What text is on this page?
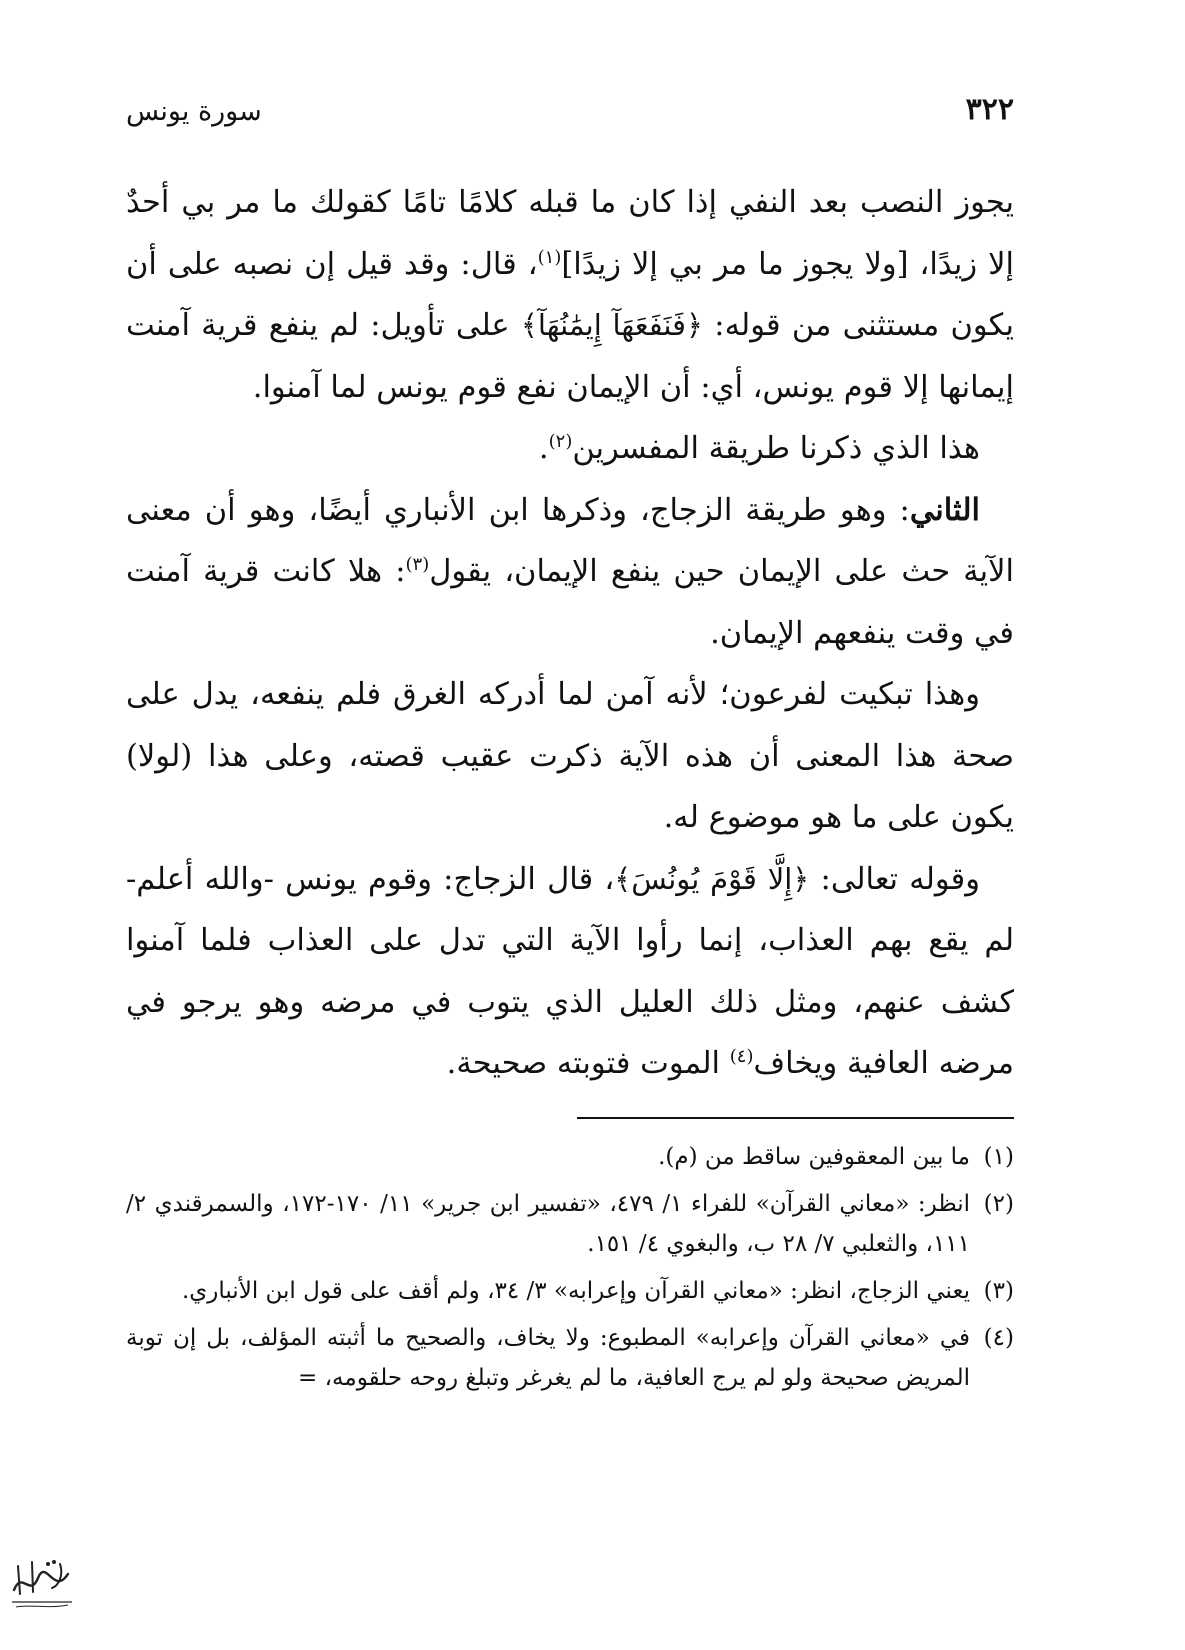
٣٢٢
سورة يونس

يجوز النصب بعد النفي إذا كان ما قبله كلامًا تامًا كقولك ما مر بي أحدٌ إلا زيدًا، [ولا يجوز ما مر بي إلا زيدًا]$^{(١)}$، قال: وقد قيل إن نصبه على أن يكون مستثنى من قوله: ﴿فَنَفَعَهَآ إِيمَٰنُهَآ﴾ على تأويل: لم ينفع قرية آمنت إيمانها إلا قوم يونس، أي: أن الإيمان نفع قوم يونس لما آمنوا.

هذا الذي ذكرنا طريقة المفسرين$^{(٢)}$.

الثاني: وهو طريقة الزجاج، وذكرها ابن الأنباري أيضًا، وهو أن معنى الآية حث على الإيمان حين ينفع الإيمان، يقول$^{(٣)}$: هلا كانت قرية آمنت في وقت ينفعهم الإيمان.

وهذا تبكيت لفرعون؛ لأنه آمن لما أدركه الغرق فلم ينفعه، يدل على صحة هذا المعنى أن هذه الآية ذكرت عقيب قصته، وعلى هذا (لولا) يكون على ما هو موضوع له.

وقوله تعالى: ﴿إِلَّا قَوْمَ يُونُسَ﴾، قال الزجاج: وقوم يونس -والله أعلم- لم يقع بهم العذاب، إنما رأوا الآية التي تدل على العذاب فلما آمنوا كشف عنهم، ومثل ذلك العليل الذي يتوب في مرضه وهو يرجو في مرضه العافية ويخاف$^{(٤)}$ الموت فتوبته صحيحة.

(١)
ما بين المعقوفين ساقط من (م).
(٢)
انظر: «معاني القرآن» للفراء ١/ ٤٧٩، «تفسير ابن جرير» ١١/ ١٧٠-١٧٢، والسمرقندي ٢/ ١١١، والثعلبي ٧/ ٢٨ ب، والبغوي ٤/ ١٥١.
(٣)
يعني الزجاج، انظر: «معاني القرآن وإعرابه» ٣/ ٣٤، ولم أقف على قول ابن الأنباري.
(٤)
في «معاني القرآن وإعرابه» المطبوع: ولا يخاف، والصحيح ما أثبته المؤلف، بل إن توبة المريض صحيحة ولو لم يرج العافية، ما لم يغرغر وتبلغ روحه حلقومه، =
